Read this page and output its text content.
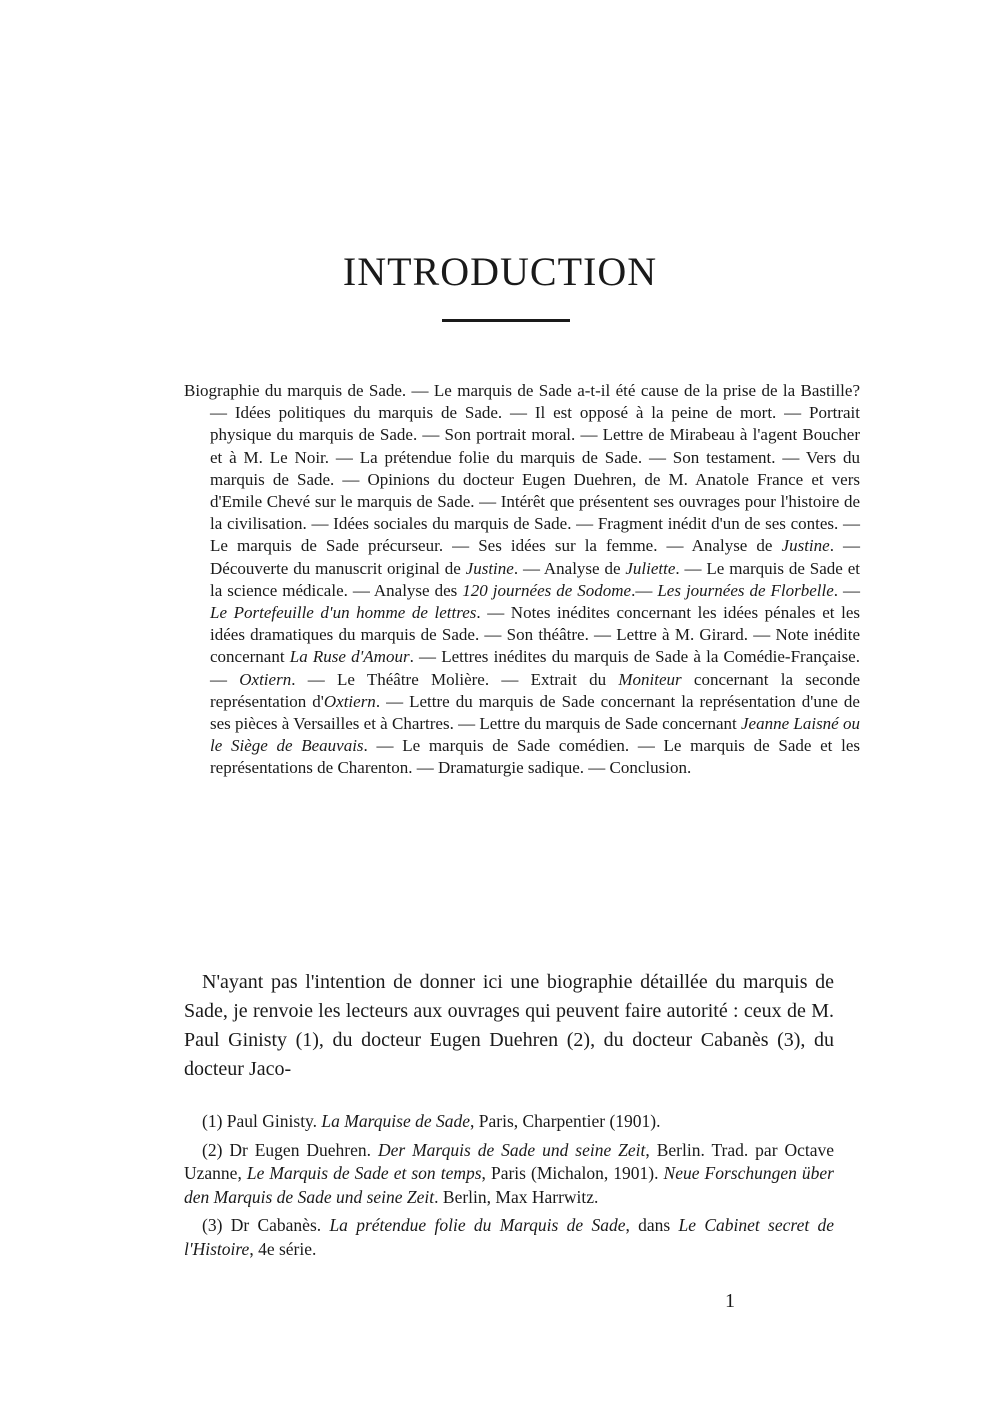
INTRODUCTION

Biographie du marquis de Sade. — Le marquis de Sade a-t-il été cause de la prise de la Bastille? — Idées politiques du marquis de Sade. — Il est opposé à la peine de mort. — Portrait physique du marquis de Sade. — Son portrait moral. — Lettre de Mirabeau à l'agent Boucher et à M. Le Noir. — La prétendue folie du marquis de Sade. — Son testament. — Vers du marquis de Sade. — Opinions du docteur Eugen Duehren, de M. Anatole France et vers d'Emile Chevé sur le marquis de Sade. — Intérêt que présentent ses ouvrages pour l'histoire de la civilisation. — Idées sociales du marquis de Sade. — Fragment inédit d'un de ses contes. — Le marquis de Sade précurseur. — Ses idées sur la femme. — Analyse de Justine. — Découverte du manuscrit original de Justine. — Analyse de Juliette. — Le marquis de Sade et la science médicale. — Analyse des 120 journées de Sodome.— Les journées de Florbelle. — Le Portefeuille d'un homme de lettres. — Notes inédites concernant les idées pénales et les idées dramatiques du marquis de Sade. — Son théâtre. — Lettre à M. Girard. — Note inédite concernant La Ruse d'Amour. — Lettres inédites du marquis de Sade à la Comédie-Française. — Oxtiern. — Le Théâtre Molière. — Extrait du Moniteur concernant la seconde représentation d'Oxtiern. — Lettre du marquis de Sade concernant la représentation d'une de ses pièces à Versailles et à Chartres. — Lettre du marquis de Sade concernant Jeanne Laisné ou le Siège de Beauvais. — Le marquis de Sade comédien. — Le marquis de Sade et les représentations de Charenton. — Dramaturgie sadique. — Conclusion.

N'ayant pas l'intention de donner ici une biographie détaillée du marquis de Sade, je renvoie les lecteurs aux ouvrages qui peuvent faire autorité : ceux de M. Paul Ginisty (1), du docteur Eugen Duehren (2), du docteur Cabanès (3), du docteur Jaco-

(1) Paul Ginisty. La Marquise de Sade, Paris, Charpentier (1901).

(2) Dr Eugen Duehren. Der Marquis de Sade und seine Zeit, Berlin. Trad. par Octave Uzanne, Le Marquis de Sade et son temps, Paris (Michalon, 1901). Neue Forschungen über den Marquis de Sade und seine Zeit. Berlin, Max Harrwitz.

(3) Dr Cabanès. La prétendue folie du Marquis de Sade, dans Le Cabinet secret de l'Histoire, 4e série.

1
